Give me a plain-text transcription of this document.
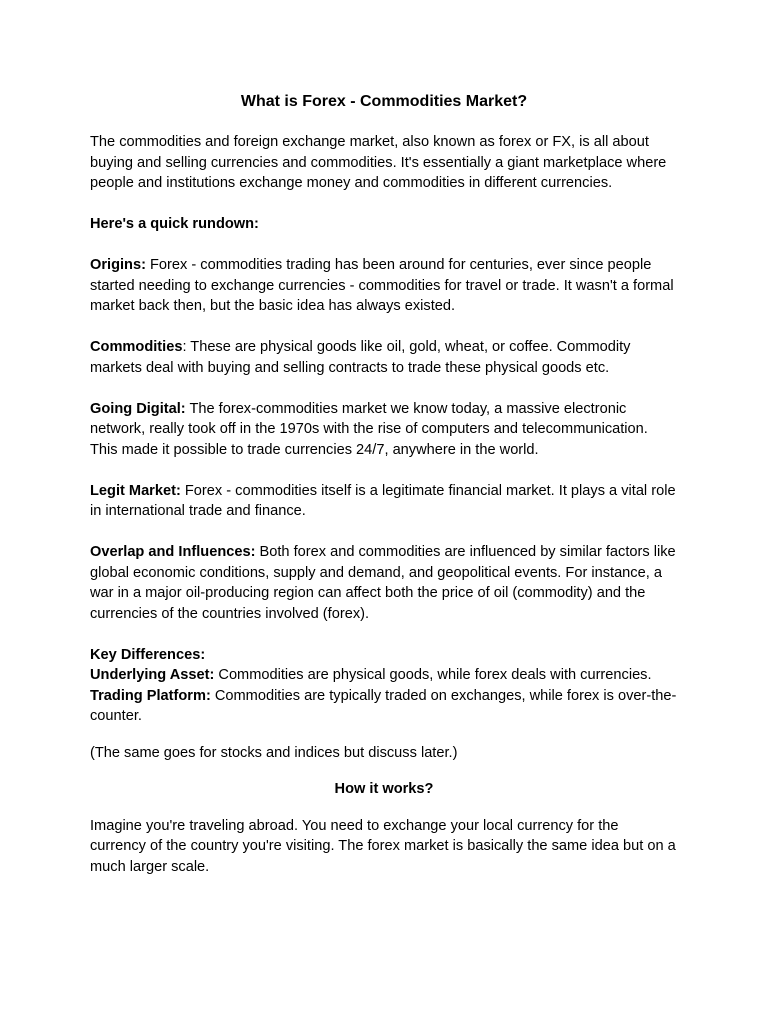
What is Forex - Commodities Market?

The commodities and foreign exchange market, also known as forex or FX, is all about buying and selling currencies and commodities. It's essentially a giant marketplace where people and institutions exchange money and commodities in different currencies.

Here's a quick rundown:

Origins: Forex - commodities trading has been around for centuries, ever since people started needing to exchange currencies - commodities for travel or trade. It wasn't a formal market back then, but the basic idea has always existed.

Commodities: These are physical goods like oil, gold, wheat, or coffee. Commodity markets deal with buying and selling contracts to trade these physical goods etc.

Going Digital: The forex-commodities market we know today, a massive electronic network, really took off in the 1970s with the rise of computers and telecommunication. This made it possible to trade currencies 24/7, anywhere in the world.

Legit Market: Forex - commodities itself is a legitimate financial market. It plays a vital role in international trade and finance.

Overlap and Influences: Both forex and commodities are influenced by similar factors like global economic conditions, supply and demand, and geopolitical events. For instance, a war in a major oil-producing region can affect both the price of oil (commodity) and the currencies of the countries involved (forex).

Key Differences:

Underlying Asset: Commodities are physical goods, while forex deals with currencies.

Trading Platform: Commodities are typically traded on exchanges, while forex is over-the-counter.

(The same goes for stocks and indices but discuss later.)

How it works?

Imagine you're traveling abroad. You need to exchange your local currency for the currency of the country you're visiting. The forex market is basically the same idea but on a much larger scale.
